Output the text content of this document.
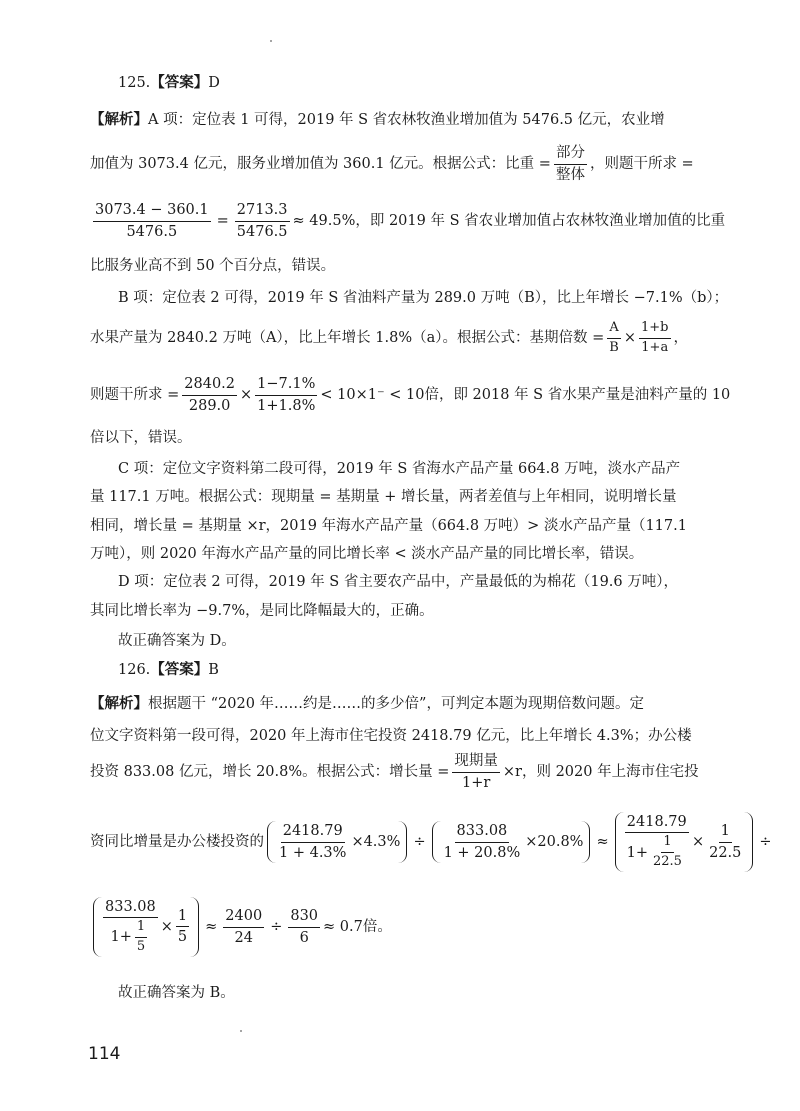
125. 【答案】 D
【解析】 A 项：定位表 1 可得，2019 年 S 省农林牧渔业增加值为 5476.5 亿元，农业增
加值为 3073.4 亿元，服务业增加值为 360.1 亿元。根据公式：比重 = $\frac{\text{部分}}{\text{整体}}$ ，则题干所求 =
$\frac{3073.4 - 360.1}{5476.5} = \frac{2713.3}{5476.5} \approx 49.5\%$，即 2019 年 S 省农业增加值占农林牧渔业增加值的比重
比服务业高不到 50 个百分点，错误。
B 项：定位表 2 可得，2019 年 S 省油料产量为 289.0 万吨（B），比上年增长 −7.1%（b）；
水果产量为 2840.2 万吨（A），比上年增长 1.8%（a）。根据公式：基期倍数 = $\frac{A}{B} \times \frac{1+b}{1+a}$ ，
则题干所求 = $\frac{2840.2}{289.0} \times \frac{1-7.1\%}{1+1.8\%} < 10\times 1^- < 10$倍，即 2018 年 S 省水果产量是油料产量的 10
倍以下，错误。
C 项：定位文字资料第二段可得，2019 年 S 省海水产品产量 664.8 万吨，淡水产品产
量 117.1 万吨。根据公式：现期量 = 基期量 + 增长量，两者差值与上年相同，说明增长量
相同，增长量 = 基期量 ×r，2019 年海水产品产量（664.8 万吨）> 淡水产品产量（117.1
万吨），则 2020 年海水产品产量的同比增长率 < 淡水产品产量的同比增长率，错误。
D 项：定位表 2 可得，2019 年 S 省主要农产品中，产量最低的为棉花（19.6 万吨），
其同比增长率为 −9.7%，是同比降幅最大的，正确。
故正确答案为 D。
126. 【答案】 B
【解析】 根据题干 “2020 年……约是……的多少倍”，可判定本题为现期倍数问题。定
位文字资料第一段可得，2020 年上海市住宅投资 2418.79 亿元，比上年增长 4.3%；办公楼
投资 833.08 亿元，增长 20.8%。根据公式：增长量 = $\frac{\text{现期量}}{1+r} \times r$，则 2020 年上海市住宅投
资同比增量是办公楼投资的 $\frac{2418.79}{1 + 4.3\%} \times 4.3\% \div \frac{833.08}{1 + 20.8\%} \times 20.8\% \approx \frac{2418.79}{1+ \frac{1}{22.5}} \times \frac{1}{22.5}$ ÷
$\frac{833.08}{1+ \frac{1}{5}} \times \frac{1}{5} \approx \frac{2400}{24} \div \frac{830}{6} \approx 0.7$倍。
故正确答案为 B。
114
